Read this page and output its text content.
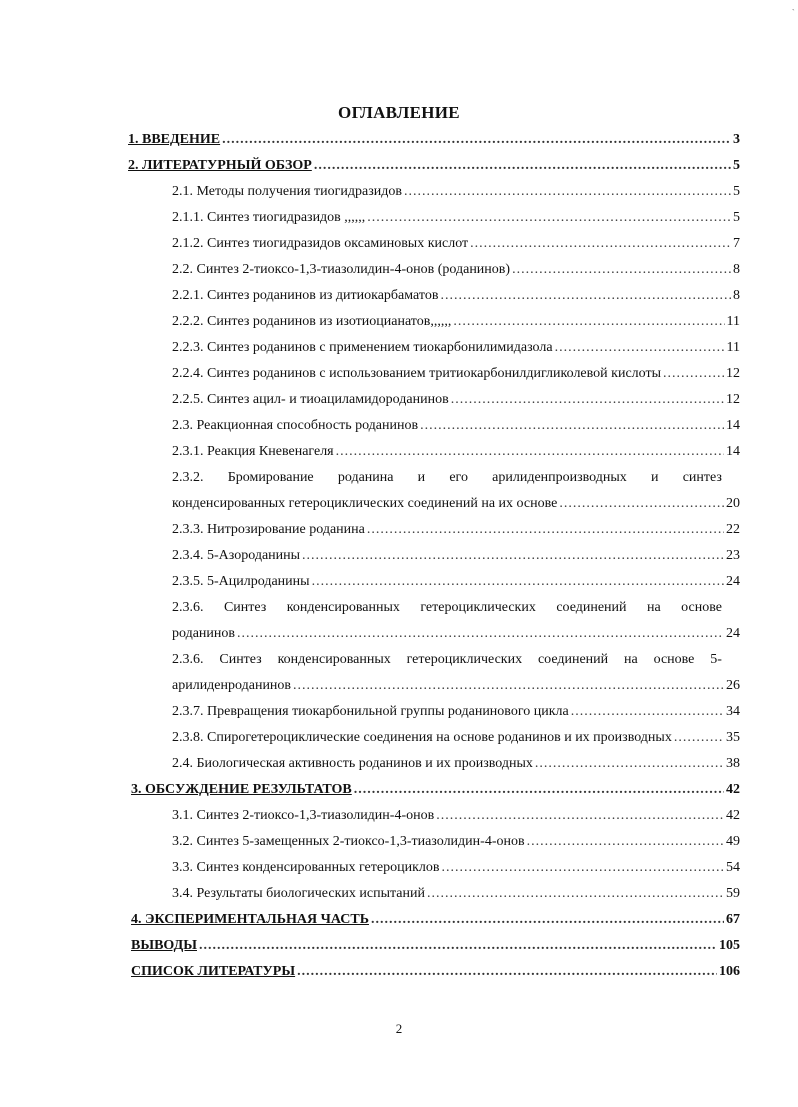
ˎ
ОГЛАВЛЕНИЕ
1. ВВЕДЕНИЕ .....	3
2. ЛИТЕРАТУРНЫЙ ОБЗОР .....	5
2.1. Методы получения тиогидразидов .....	5
2.1.1. Синтез тиогидразидов ,,,,,, .....	5
2.1.2. Синтез тиогидразидов оксаминовых кислот .....	7
2.2. Синтез 2-тиоксо-1,3-тиазолидин-4-онов (роданинов) .....	8
2.2.1. Синтез роданинов из дитиокарбаматов .....	8
2.2.2. Синтез роданинов из изотиоцианатов,,,,,, .....	11
2.2.3. Синтез роданинов с применением тиокарбонилимидазола .....	11
2.2.4. Синтез роданинов с использованием тритиокарбонилдигликолевой кислоты .....	12
2.2.5. Синтез ацил- и тиоациламидороданинов .....	12
2.3. Реакционная способность роданинов .....	14
2.3.1. Реакция Кневенагеля .....	14
2.3.2. Бромирование роданина и его арилиденпроизводных и синтез
конденсированных гетероциклических соединений на их основе .....	20
2.3.3. Нитрозирование роданина .....	22
2.3.4. 5-Азороданины .....	23
2.3.5. 5-Ацилроданины .....	24
2.3.6. Синтез конденсированных гетероциклических соединений на основе
роданинов .....	24
2.3.6. Синтез конденсированных гетероциклических соединений на основе 5-
арилиденроданинов .....	26
2.3.7. Превращения тиокарбонильной группы роданинового цикла .....	34
2.3.8. Спирогетероциклические соединения на основе роданинов и их производных .....	35
2.4. Биологическая активность роданинов и их производных .....	38
3. ОБСУЖДЕНИЕ РЕЗУЛЬТАТОВ .....	42
3.1. Синтез 2-тиоксо-1,3-тиазолидин-4-онов .....	42
3.2. Синтез 5-замещенных 2-тиоксо-1,3-тиазолидин-4-онов .....	49
3.3. Синтез конденсированных гетероциклов .....	54
3.4. Результаты биологических испытаний .....	59
4. ЭКСПЕРИМЕНТАЛЬНАЯ ЧАСТЬ .....	67
ВЫВОДЫ .....	105
СПИСОК ЛИТЕРАТУРЫ .....	106
2
